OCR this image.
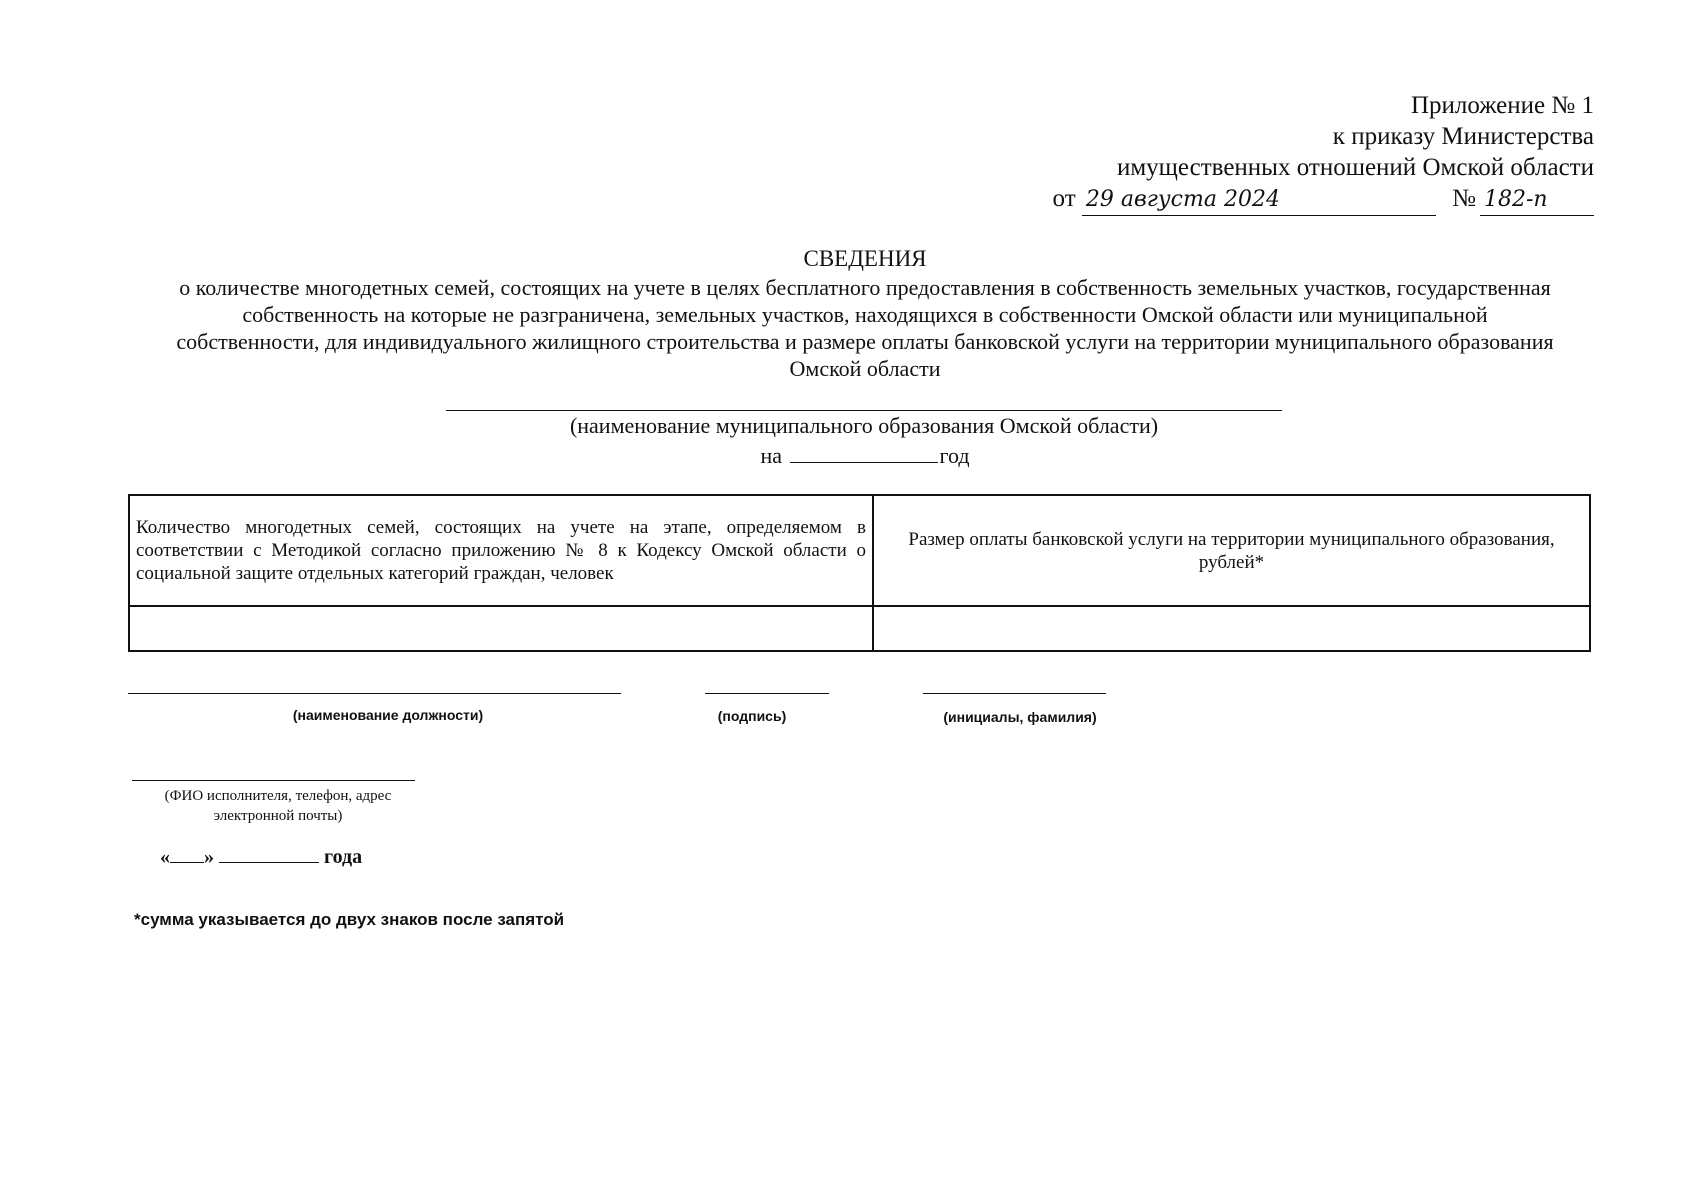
Приложение № 1
к приказу Министерства
имущественных отношений Омской области
от 29 августа 2024	№ 182-п
СВЕДЕНИЯ
о количестве многодетных семей, состоящих на учете в целях бесплатного предоставления в собственность земельных участков, государственная собственность на которые не разграничена, земельных участков, находящихся в собственности Омской области или муниципальной собственности, для индивидуального жилищного строительства и размере оплаты банковской услуги на территории муниципального образования Омской области
(наименование муниципального образования Омской области)
на	год
Количество многодетных семей, состоящих на учете на этапе, определяемом в соответствии с Методикой согласно приложению № 8 к Кодексу Омской области о социальной защите отдельных категорий граждан, человек	Размер оплаты банковской услуги на территории муниципального образования, рублей*

(наименование должности)	(подпись)	(инициалы, фамилия)
(ФИО исполнителя, телефон, адрес электронной почты)
« »	года
*сумма указывается до двух знаков после запятой
